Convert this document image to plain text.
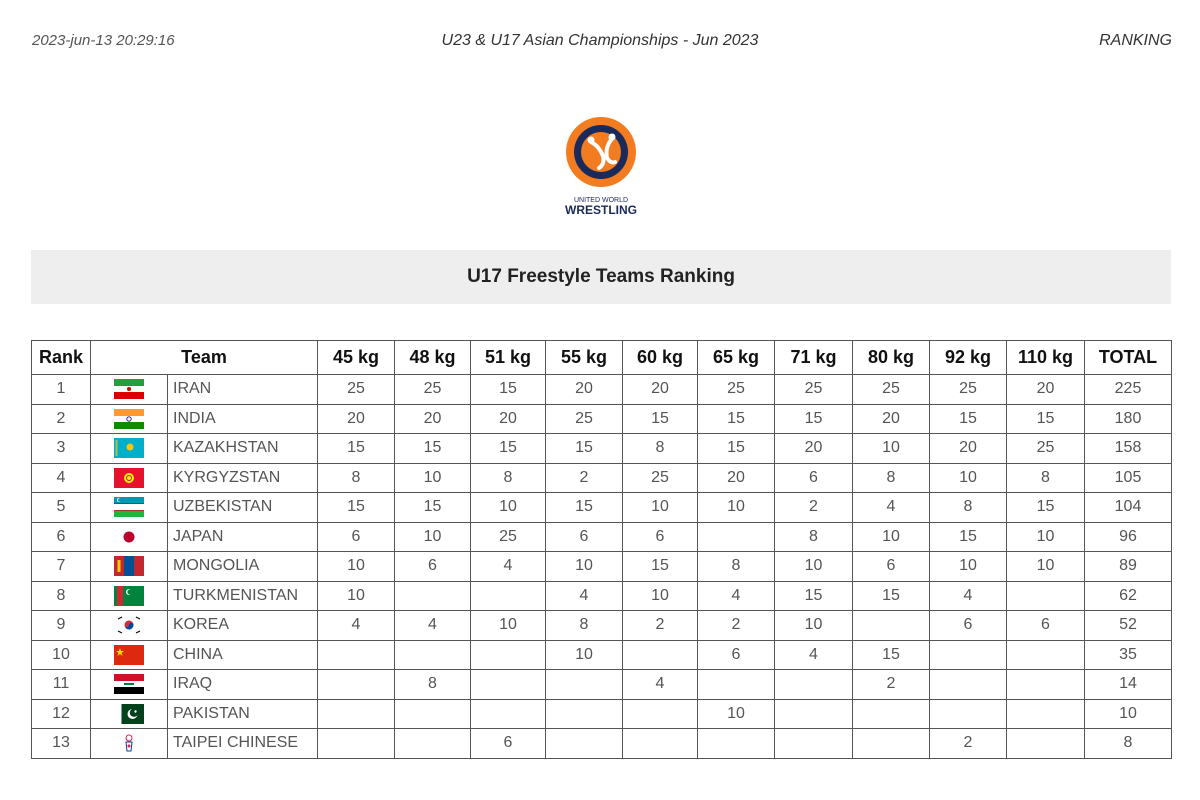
2023-jun-13 20:29:16	U23 & U17 Asian Championships - Jun 2023	RANKING
UNITED WORLD
WRESTLING
U17 Freestyle Teams Ranking
Rank	Team		45 kg	48 kg	51 kg	55 kg	60 kg	65 kg	71 kg	80 kg	92 kg	110 kg	TOTAL
1		IRAN	25	25	15	20	20	25	25	25	25	20	225
2		INDIA	20	20	20	25	15	15	15	20	15	15	180
3		KAZAKHSTAN	15	15	15	15	8	15	20	10	20	25	158
4		KYRGYZSTAN	8	10	8	2	25	20	6	8	10	8	105
5		UZBEKISTAN	15	15	10	15	10	10	2	4	8	15	104
6		JAPAN	6	10	25	6	6		8	10	15	10	96
7		MONGOLIA	10	6	4	10	15	8	10	6	10	10	89
8		TURKMENISTAN	10			4	10	4	15	15	4		62
9		KOREA	4	4	10	8	2	2	10		6	6	52
10		CHINA				10		6	4	15			35
11		IRAQ		8			4			2			14
12		PAKISTAN						10					10
13		TAIPEI CHINESE			6						2		8
